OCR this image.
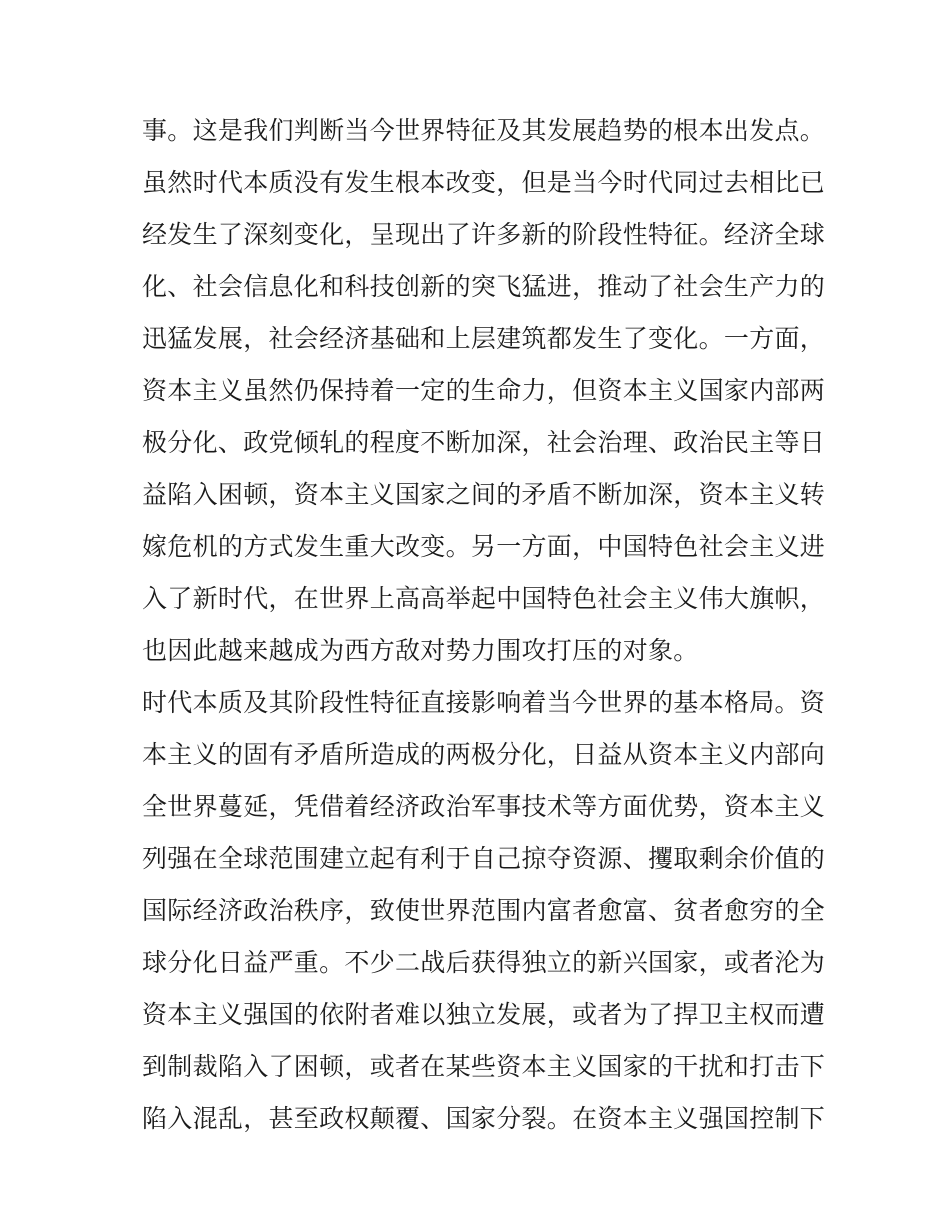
事。这是我们判断当今世界特征及其发展趋势的根本出发点。
虽然时代本质没有发生根本改变，但是当今时代同过去相比已
经发生了深刻变化，呈现出了许多新的阶段性特征。经济全球
化、社会信息化和科技创新的突飞猛进，推动了社会生产力的
迅猛发展，社会经济基础和上层建筑都发生了变化。一方面，
资本主义虽然仍保持着一定的生命力，但资本主义国家内部两
极分化、政党倾轧的程度不断加深，社会治理、政治民主等日
益陷入困顿，资本主义国家之间的矛盾不断加深，资本主义转
嫁危机的方式发生重大改变。另一方面，中国特色社会主义进
入了新时代，在世界上高高举起中国特色社会主义伟大旗帜，
也因此越来越成为西方敌对势力围攻打压的对象。
时代本质及其阶段性特征直接影响着当今世界的基本格局。资
本主义的固有矛盾所造成的两极分化，日益从资本主义内部向
全世界蔓延，凭借着经济政治军事技术等方面优势，资本主义
列强在全球范围建立起有利于自己掠夺资源、攫取剩余价值的
国际经济政治秩序，致使世界范围内富者愈富、贫者愈穷的全
球分化日益严重。不少二战后获得独立的新兴国家，或者沦为
资本主义强国的依附者难以独立发展，或者为了捍卫主权而遭
到制裁陷入了困顿，或者在某些资本主义国家的干扰和打击下
陷入混乱，甚至政权颠覆、国家分裂。在资本主义强国控制下
